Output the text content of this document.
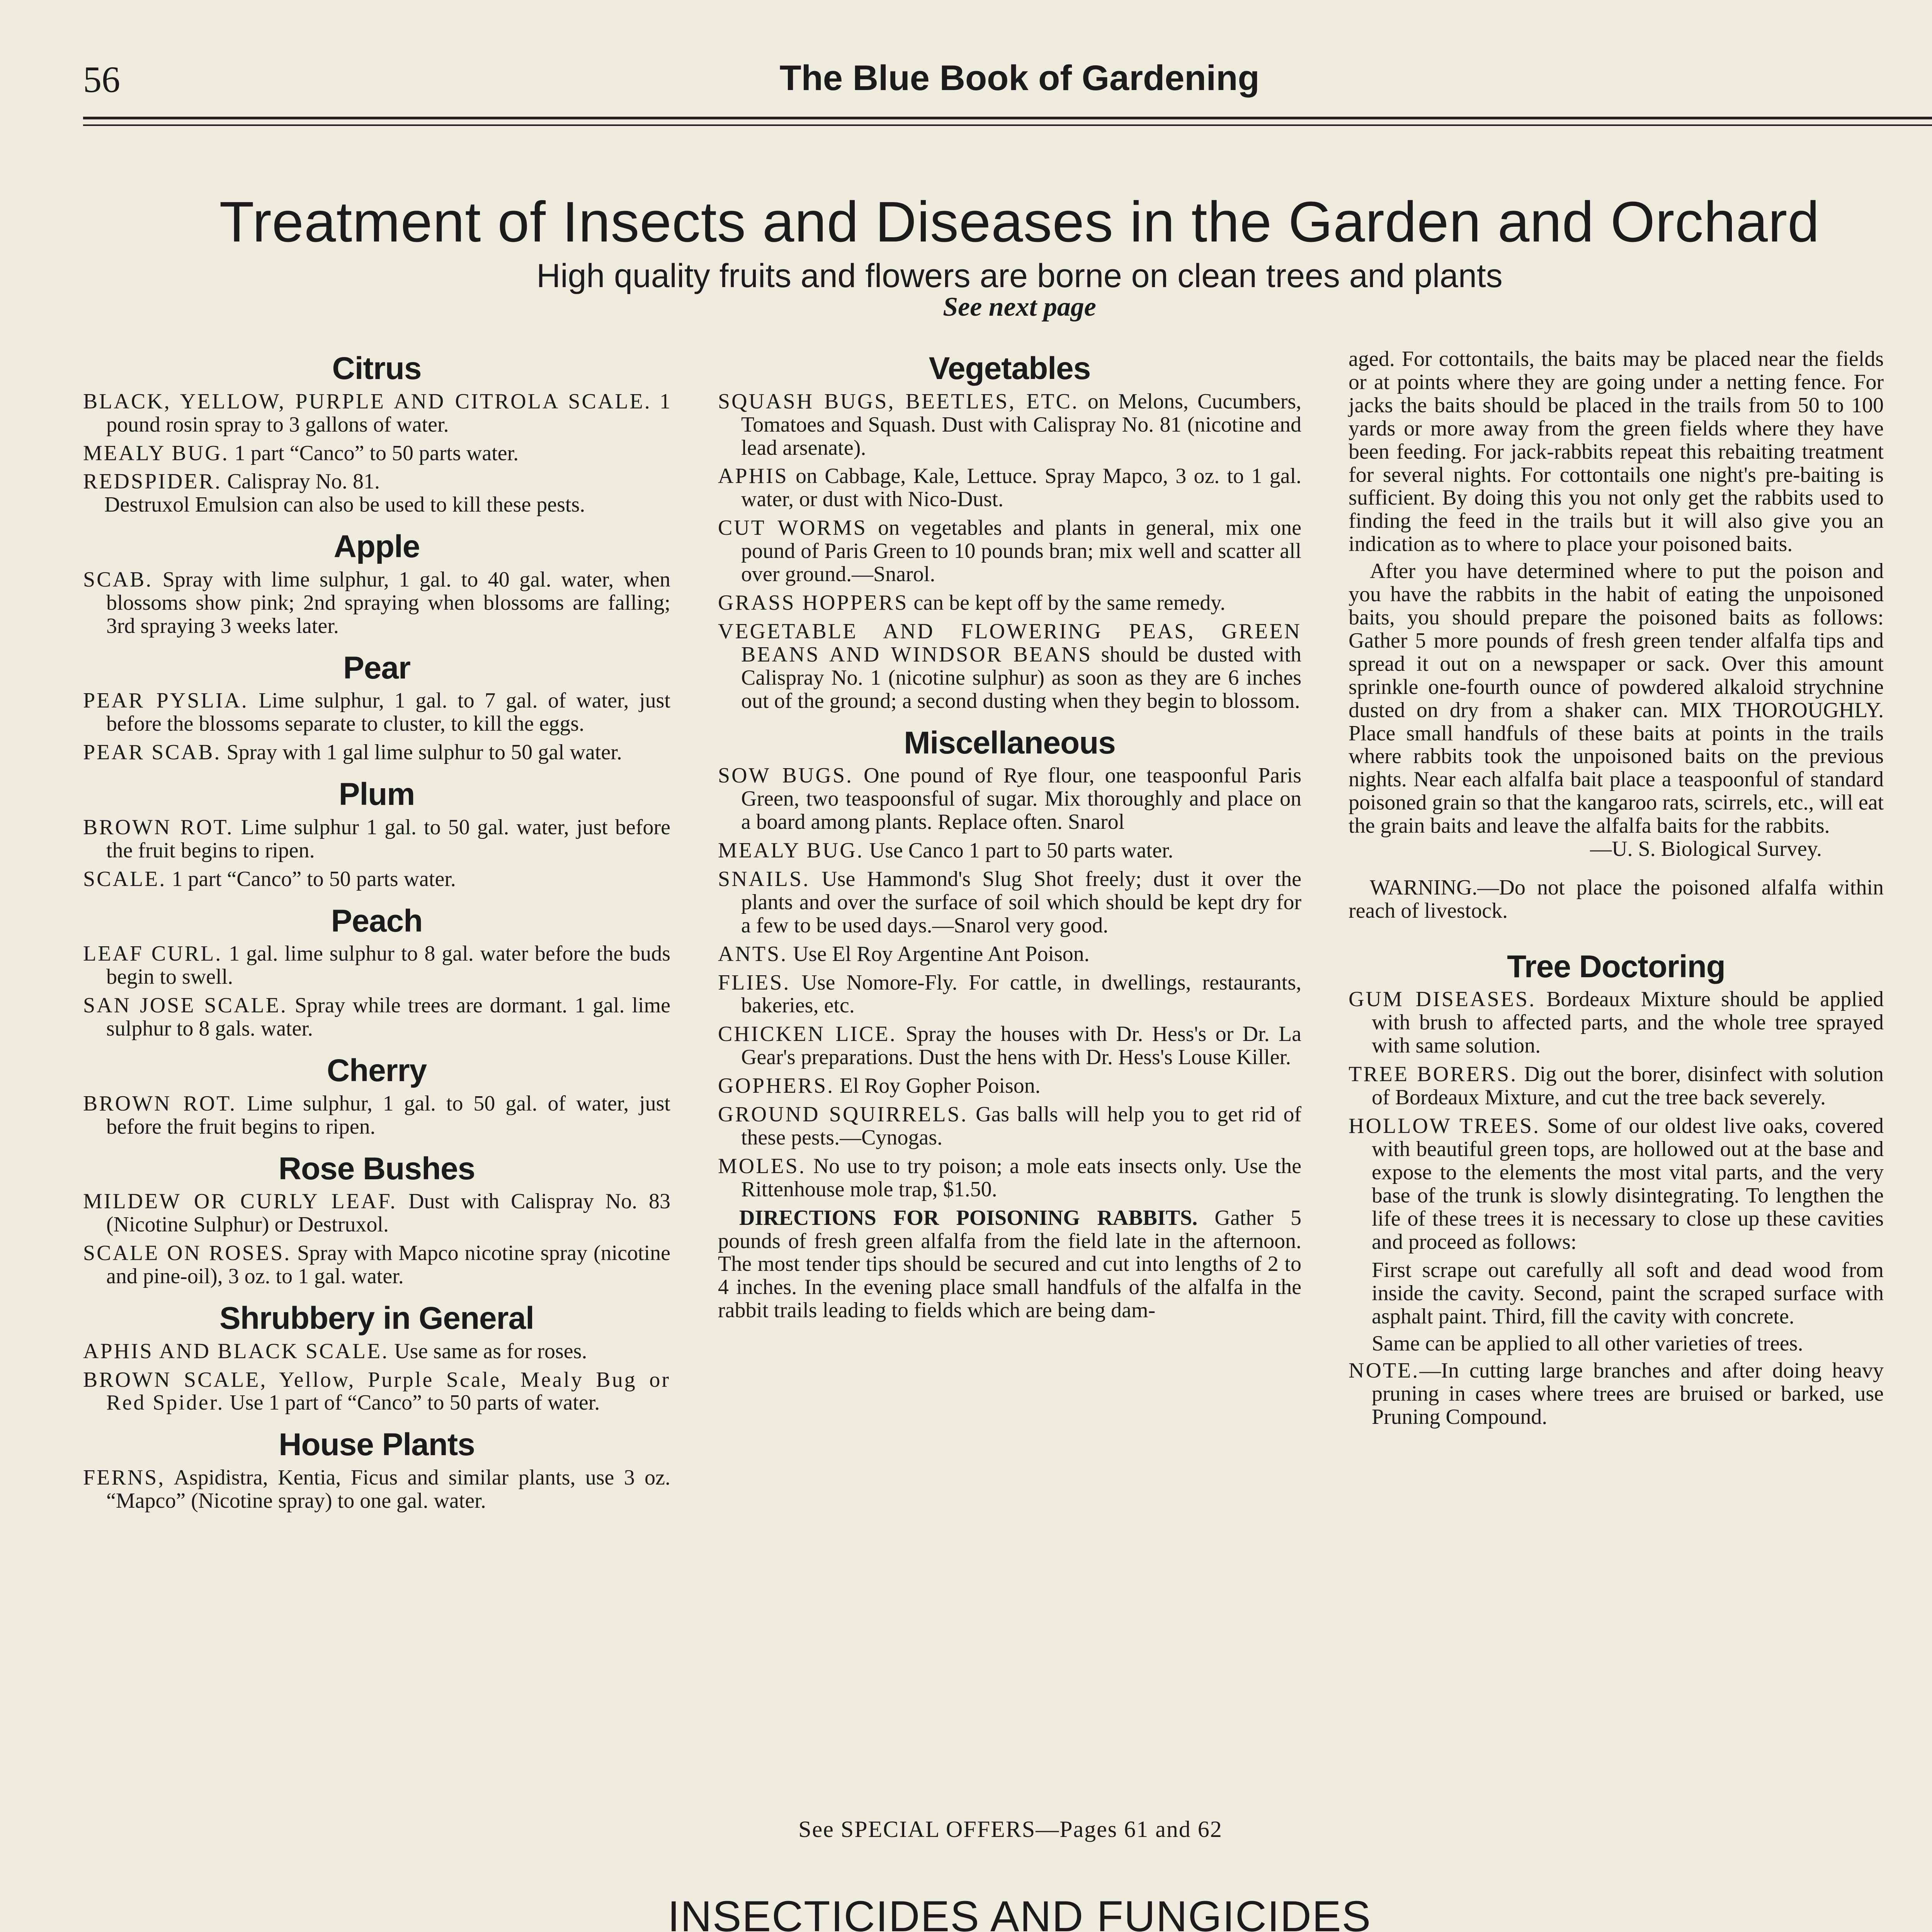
56	The Blue Book of Gardening
Treatment of Insects and Diseases in the Garden and Orchard
High quality fruits and flowers are borne on clean trees and plants
See next page
Citrus

BLACK, YELLOW, PURPLE AND CITROLA SCALE. 1 pound rosin spray to 3 gallons of water.

MEALY BUG. 1 part “Canco” to 50 parts water.

REDSPIDER. Calispray No. 81.

Destruxol Emulsion can also be used to kill these pests.

Apple

SCAB. Spray with lime sulphur, 1 gal. to 40 gal. water, when blossoms show pink; 2nd spraying when blossoms are falling; 3rd spraying 3 weeks later.

Pear

PEAR PYSLIA. Lime sulphur, 1 gal. to 7 gal. of water, just before the blossoms separate to cluster, to kill the eggs.

PEAR SCAB. Spray with 1 gal lime sulphur to 50 gal water.

Plum

BROWN ROT. Lime sulphur 1 gal. to 50 gal. water, just before the fruit begins to ripen.

SCALE. 1 part “Canco” to 50 parts water.

Peach

LEAF CURL. 1 gal. lime sulphur to 8 gal. water before the buds begin to swell.

SAN JOSE SCALE. Spray while trees are dormant. 1 gal. lime sulphur to 8 gals. water.

Cherry

BROWN ROT. Lime sulphur, 1 gal. to 50 gal. of water, just before the fruit begins to ripen.

Rose Bushes

MILDEW OR CURLY LEAF. Dust with Calispray No. 83 (Nicotine Sulphur) or Destruxol.

SCALE ON ROSES. Spray with Mapco nicotine spray (nicotine and pine-oil), 3 oz. to 1 gal. water.

Shrubbery in General

APHIS AND BLACK SCALE. Use same as for roses.

BROWN SCALE, Yellow, Purple Scale, Mealy Bug or Red Spider. Use 1 part of “Canco” to 50 parts of water.

House Plants

FERNS, Aspidistra, Kentia, Ficus and similar plants, use 3 oz. “Mapco” (Nicotine spray) to one gal. water.

Vegetables

SQUASH BUGS, BEETLES, ETC. on Melons, Cucumbers, Tomatoes and Squash. Dust with Calispray No. 81 (nicotine and lead arsenate).

APHIS on Cabbage, Kale, Lettuce. Spray Mapco, 3 oz. to 1 gal. water, or dust with Nico-Dust.

CUT WORMS on vegetables and plants in general, mix one pound of Paris Green to 10 pounds bran; mix well and scatter all over ground.—Snarol.

GRASS HOPPERS can be kept off by the same remedy.

VEGETABLE AND FLOWERING PEAS, GREEN BEANS AND WINDSOR BEANS should be dusted with Calispray No. 1 (nicotine sulphur) as soon as they are 6 inches out of the ground; a second dusting when they begin to blossom.

Miscellaneous

SOW BUGS. One pound of Rye flour, one teaspoonful Paris Green, two teaspoonsful of sugar. Mix thoroughly and place on a board among plants. Replace often. Snarol

MEALY BUG. Use Canco 1 part to 50 parts water.

SNAILS. Use Hammond's Slug Shot freely; dust it over the plants and over the surface of soil which should be kept dry for a few to be used days.—Snarol very good.

ANTS. Use El Roy Argentine Ant Poison.

FLIES. Use Nomore-Fly. For cattle, in dwellings, restaurants, bakeries, etc.

CHICKEN LICE. Spray the houses with Dr. Hess's or Dr. La Gear's preparations. Dust the hens with Dr. Hess's Louse Killer.

GOPHERS. El Roy Gopher Poison.

GROUND SQUIRRELS. Gas balls will help you to get rid of these pests.—Cynogas.

MOLES. No use to try poison; a mole eats insects only. Use the Rittenhouse mole trap, $1.50.

DIRECTIONS FOR POISONING RABBITS. Gather 5 pounds of fresh green alfalfa from the field late in the afternoon. The most tender tips should be secured and cut into lengths of 2 to 4 inches. In the evening place small handfuls of the alfalfa in the rabbit trails leading to fields which are being dam-

See SPECIAL OFFERS—Pages 61 and 62

aged. For cottontails, the baits may be placed near the fields or at points where they are going under a netting fence. For jacks the baits should be placed in the trails from 50 to 100 yards or more away from the green fields where they have been feeding. For jack-rabbits repeat this rebaiting treatment for several nights. For cottontails one night's pre-baiting is sufficient. By doing this you not only get the rabbits used to finding the feed in the trails but it will also give you an indication as to where to place your poisoned baits.

After you have determined where to put the poison and you have the rabbits in the habit of eating the unpoisoned baits, you should prepare the poisoned baits as follows: Gather 5 more pounds of fresh green tender alfalfa tips and spread it out on a newspaper or sack. Over this amount sprinkle one-fourth ounce of powdered alkaloid strychnine dusted on dry from a shaker can. MIX THOROUGHLY. Place small handfuls of these baits at points in the trails where rabbits took the unpoisoned baits on the previous nights. Near each alfalfa bait place a teaspoonful of standard poisoned grain so that the kangaroo rats, scirrels, etc., will eat the grain baits and leave the alfalfa baits for the rabbits.

—U. S. Biological Survey.

WARNING.—Do not place the poisoned alfalfa within reach of livestock.

Tree Doctoring

GUM DISEASES. Bordeaux Mixture should be applied with brush to affected parts, and the whole tree sprayed with same solution.

TREE BORERS. Dig out the borer, disinfect with solution of Bordeaux Mixture, and cut the tree back severely.

HOLLOW TREES. Some of our oldest live oaks, covered with beautiful green tops, are hollowed out at the base and expose to the elements the most vital parts, and the very base of the trunk is slowly disintegrating. To lengthen the life of these trees it is necessary to close up these cavities and proceed as follows:

First scrape out carefully all soft and dead wood from inside the cavity. Second, paint the scraped surface with asphalt paint. Third, fill the cavity with concrete.

Same can be applied to all other varieties of trees.

NOTE.—In cutting large branches and after doing heavy pruning in cases where trees are bruised or barked, use Pruning Compound.

INSECTICIDES AND FUNGICIDES
